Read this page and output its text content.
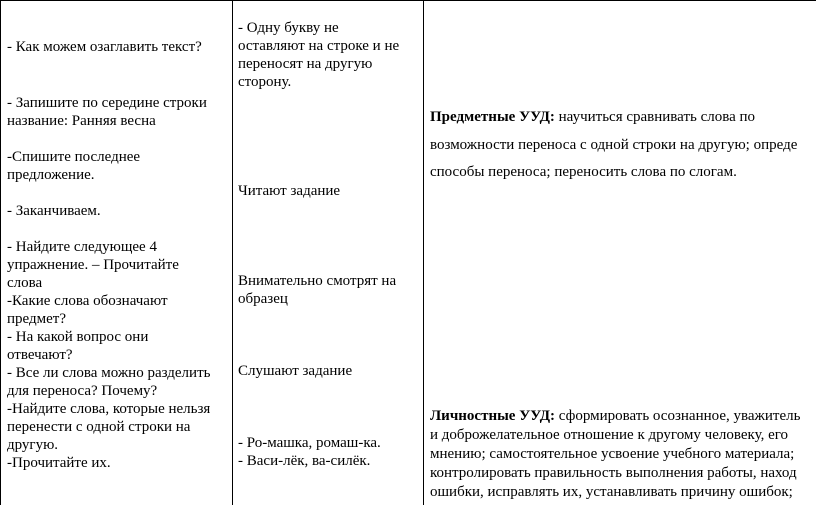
- Как можем озаглавить текст?

- Запишите по середине строки

название: Ранняя весна

-Спишите последнее

предложение.

- Заканчиваем.

- Найдите следующее 4

упражнение. – Прочитайте

слова

-Какие слова обозначают

предмет?

- На какой вопрос они

отвечают?

- Все ли слова можно разделить

для переноса? Почему?

-Найдите слова, которые нельзя

перенести с одной строки на

другую.

-Прочитайте их.

- Одну букву не

оставляют на строке и не

переносят на другую

сторону.

Читают задание

Внимательно смотрят на

образец

Слушают задание

- Ро-машка, ромаш-ка.

- Васи-лёк, ва-силёк.

Предметные УУД: научиться сравнивать слова по

возможности переноса с одной строки на другую; опреде

способы переноса; переносить слова по слогам.

Личностные УУД: сформировать осознанное, уважитель

и доброжелательное отношение к другому человеку, его

мнению; самостоятельное усвоение учебного материала;

контролировать правильность выполнения работы, наход

ошибки, исправлять их, устанавливать причину ошибок;
